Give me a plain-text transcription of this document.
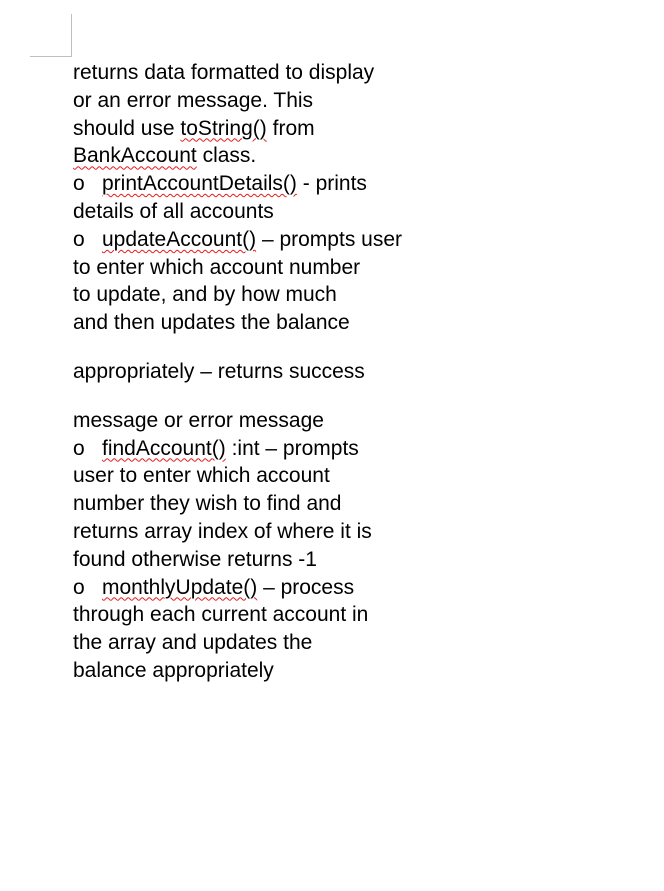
returns data formatted to display
or an error message. This
should use toString() from
BankAccount class.
o printAccountDetails() - prints
details of all accounts
o updateAccount() – prompts user
to enter which account number
to update, and by how much
and then updates the balance
appropriately – returns success
message or error message
o findAccount() :int – prompts
user to enter which account
number they wish to find and
returns array index of where it is
found otherwise returns -1
o monthlyUpdate() – process
through each current account in
the array and updates the
balance appropriately
